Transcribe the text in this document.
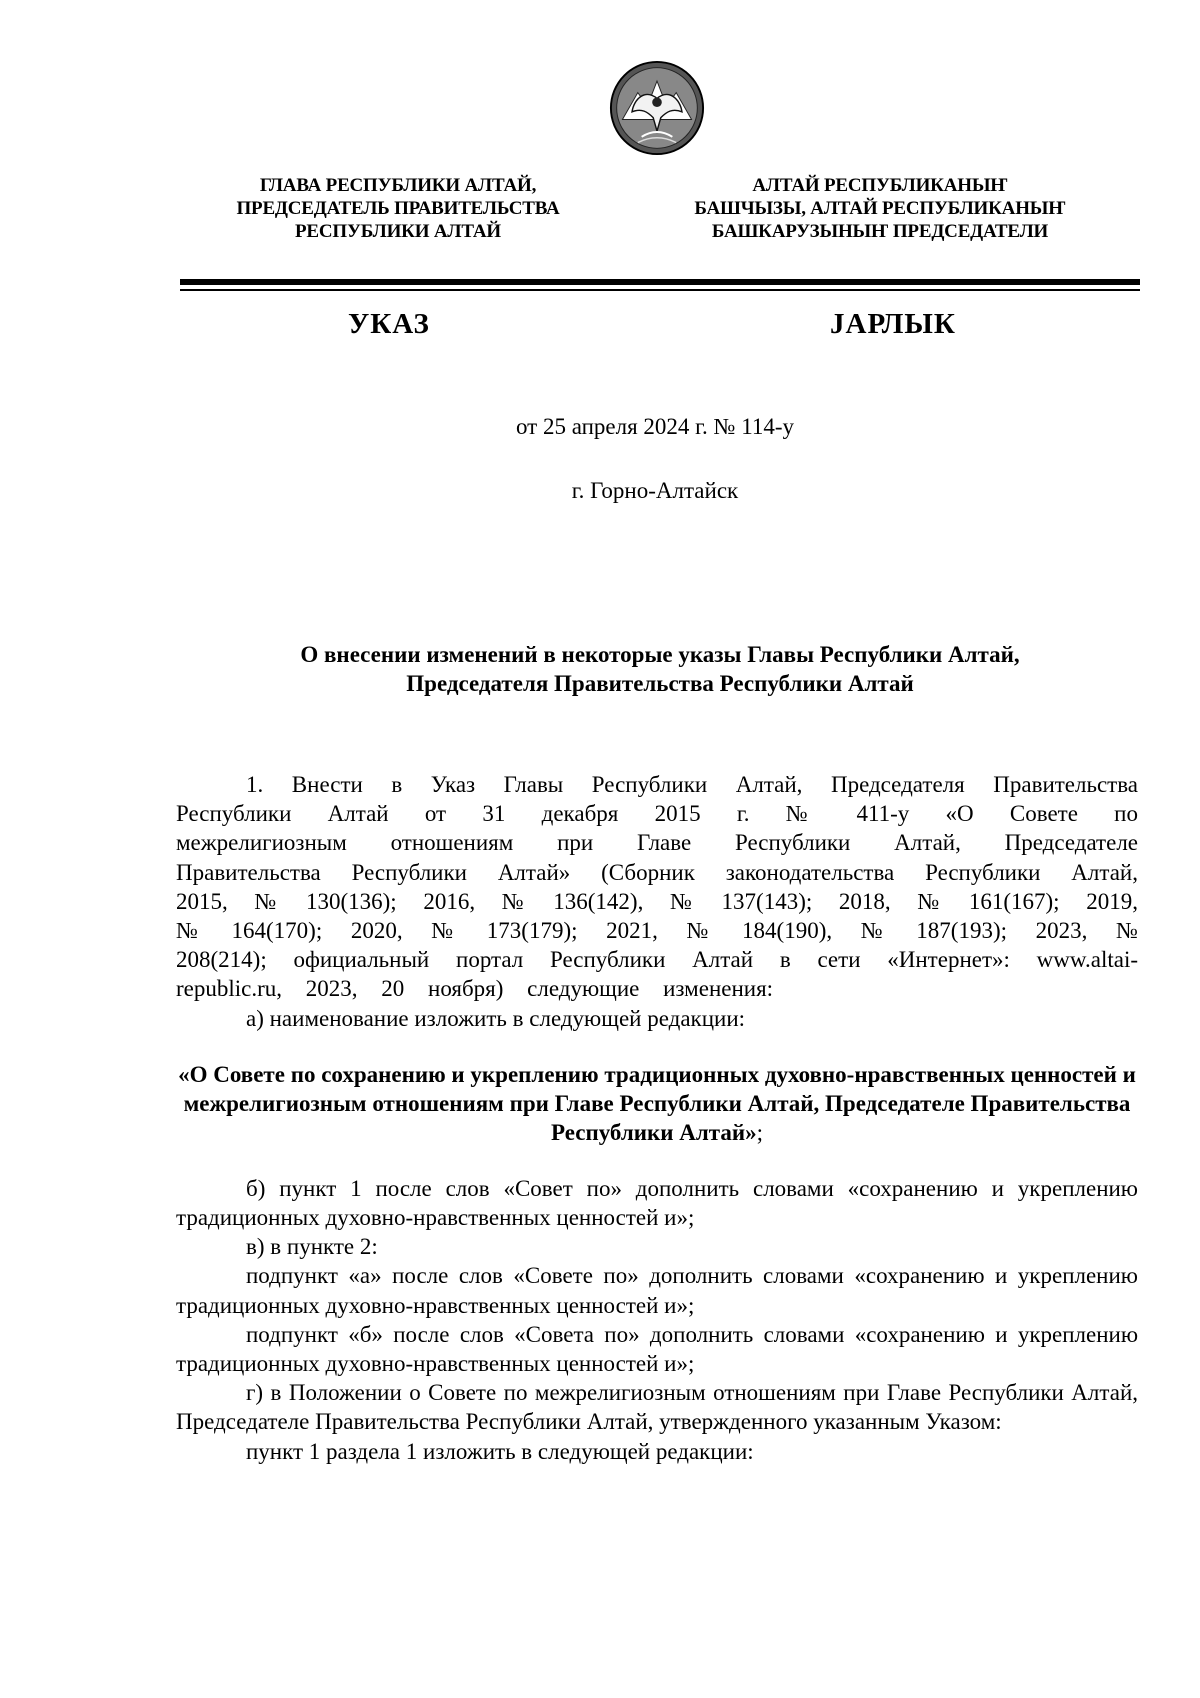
ГЛАВА РЕСПУБЛИКИ АЛТАЙ,
ПРЕДСЕДАТЕЛЬ ПРАВИТЕЛЬСТВА
РЕСПУБЛИКИ АЛТАЙ
АЛТАЙ РЕСПУБЛИКАНЫҤ
БАШЧЫЗЫ, АЛТАЙ РЕСПУБЛИКАНЫҤ
БАШКАРУЗЫНЫҤ ПРЕДСЕДАТЕЛИ
УКАЗ	JАРЛЫК
от 25 апреля 2024 г. № 114-у
г. Горно-Алтайск
О внесении изменений в некоторые указы Главы Республики Алтай,
Председателя Правительства Республики Алтай

1. Внести в Указ Главы Республики Алтай, Председателя Правительства Республики Алтай от 31 декабря 2015 г. № 411-у «О Совете по межрелигиозным отношениям при Главе Республики Алтай, Председателе Правительства Республики Алтай» (Сборник законодательства Республики Алтай, 2015, № 130(136); 2016, № 136(142), № 137(143); 2018, № 161(167); 2019, № 164(170); 2020, № 173(179); 2021, № 184(190), № 187(193); 2023, № 208(214); официальный портал Республики Алтай в сети «Интернет»: www.altai-republic.ru, 2023, 20 ноября) следующие изменения:

а) наименование изложить в следующей редакции:

«О Совете по сохранению и укреплению традиционных духовно-нравственных ценностей и межрелигиозным отношениям при Главе Республики Алтай, Председателе Правительства Республики Алтай»;

б) пункт 1 после слов «Совет по» дополнить словами «сохранению и укреплению традиционных духовно-нравственных ценностей и»;

в) в пункте 2:

подпункт «а» после слов «Совете по» дополнить словами «сохранению и укреплению традиционных духовно-нравственных ценностей и»;

подпункт «б» после слов «Совета по» дополнить словами «сохранению и укреплению традиционных духовно-нравственных ценностей и»;

г) в Положении о Совете по межрелигиозным отношениям при Главе Республики Алтай, Председателе Правительства Республики Алтай, утвержденного указанным Указом:

пункт 1 раздела 1 изложить в следующей редакции:
